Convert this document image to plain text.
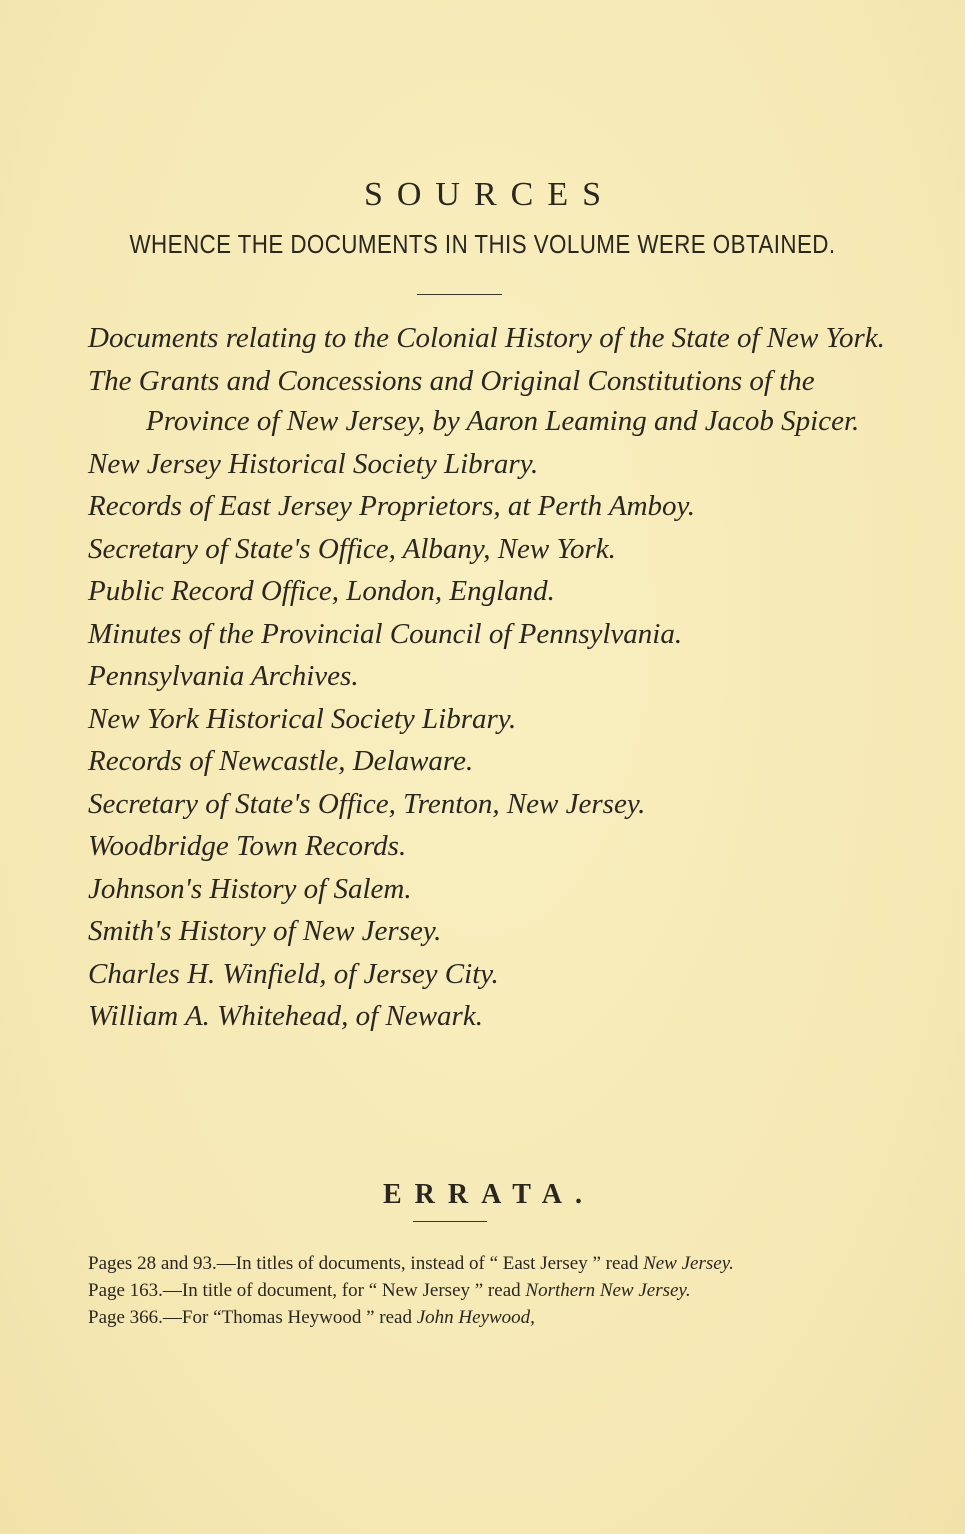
SOURCES
WHENCE THE DOCUMENTS IN THIS VOLUME WERE OBTAINED.
Documents relating to the Colonial History of the State of New York.
The Grants and Concessions and Original Constitutions of the Province of New Jersey, by Aaron Leaming and Jacob Spicer.
New Jersey Historical Society Library.
Records of East Jersey Proprietors, at Perth Amboy.
Secretary of State's Office, Albany, New York.
Public Record Office, London, England.
Minutes of the Provincial Council of Pennsylvania.
Pennsylvania Archives.
New York Historical Society Library.
Records of Newcastle, Delaware.
Secretary of State's Office, Trenton, New Jersey.
Woodbridge Town Records.
Johnson's History of Salem.
Smith's History of New Jersey.
Charles H. Winfield, of Jersey City.
William A. Whitehead, of Newark.
ERRATA.
Pages 28 and 93.—In titles of documents, instead of “ East Jersey ” read New Jersey.
Page 163.—In title of document, for “ New Jersey ” read Northern New Jersey.
Page 366.—For “Thomas Heywood ” read John Heywood,
